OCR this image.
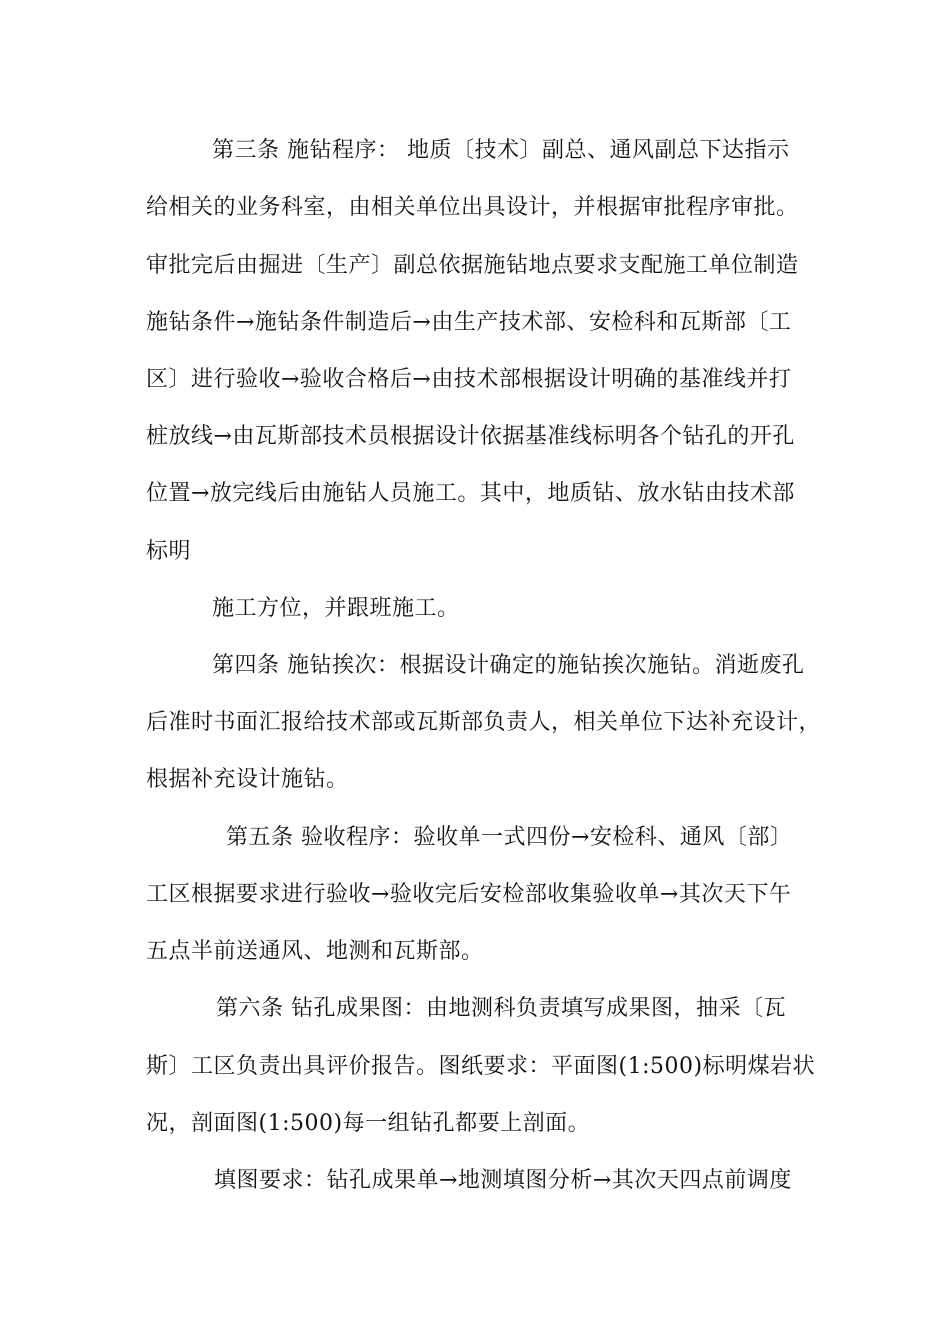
第三条 施钻程序： 地质〔技术〕副总、通风副总下达指示
给相关的业务科室，由相关单位出具设计，并根据审批程序审批。
审批完后由掘进〔生产〕副总依据施钻地点要求支配施工单位制造
施钻条件→施钻条件制造后→由生产技术部、安检科和瓦斯部〔工
区〕进行验收→验收合格后→由技术部根据设计明确的基准线并打
桩放线→由瓦斯部技术员根据设计依据基准线标明各个钻孔的开孔
位置→放完线后由施钻人员施工。其中，地质钻、放水钻由技术部
标明
施工方位，并跟班施工。
第四条 施钻挨次：根据设计确定的施钻挨次施钻。消逝废孔
后准时书面汇报给技术部或瓦斯部负责人，相关单位下达补充设计，
根据补充设计施钻。
第五条 验收程序：验收单一式四份→安检科、通风〔部〕
工区根据要求进行验收→验收完后安检部收集验收单→其次天下午
五点半前送通风、地测和瓦斯部。
第六条 钻孔成果图：由地测科负责填写成果图，抽采〔瓦
斯〕工区负责出具评价报告。图纸要求：平面图(1:500)标明煤岩状
况，剖面图(1:500)每一组钻孔都要上剖面。
填图要求：钻孔成果单→地测填图分析→其次天四点前调度
